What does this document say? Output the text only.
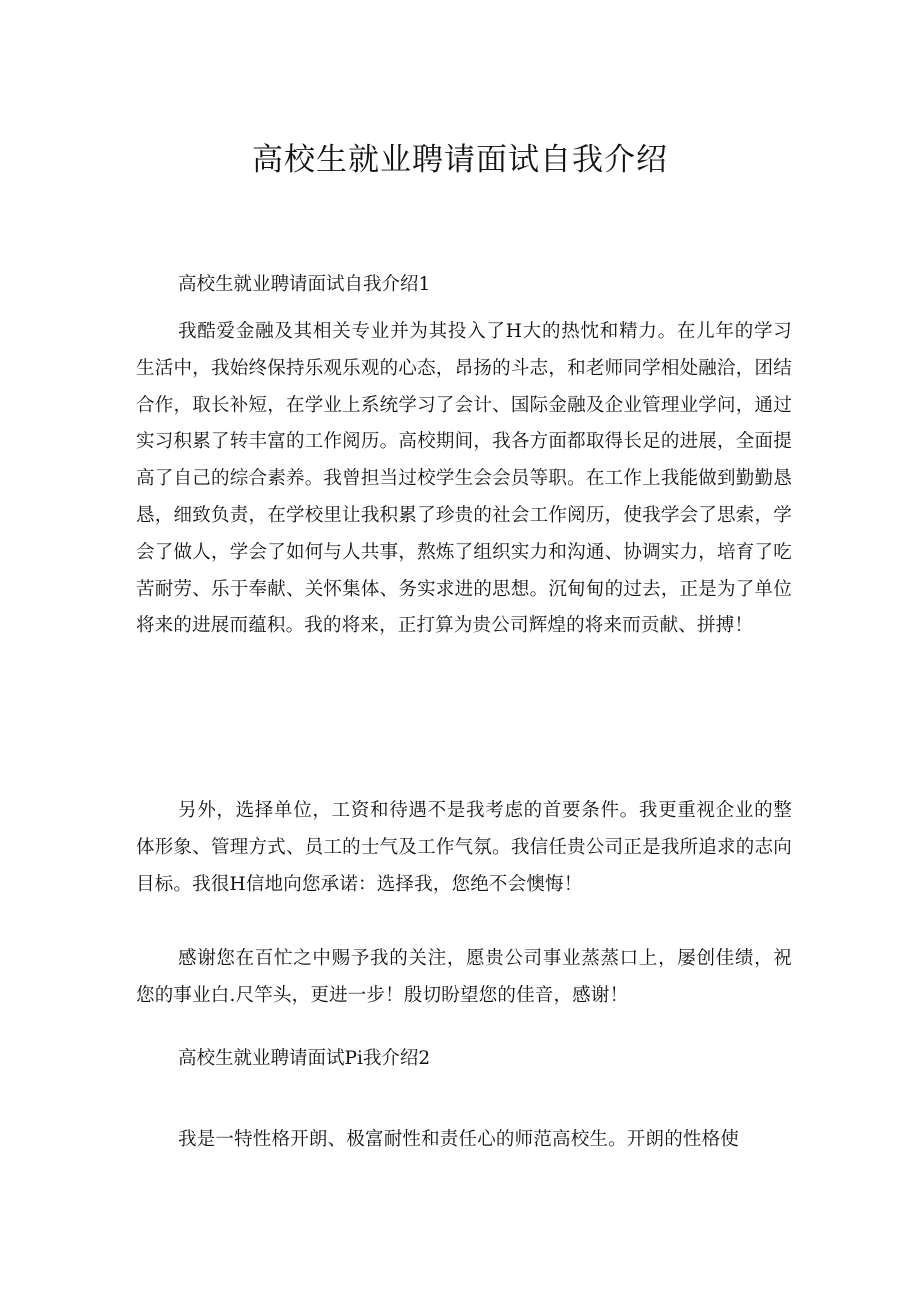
高校生就业聘请面试自我介绍

高校生就业聘请面试自我介绍1

我酷爱金融及其相关专业并为其投入了H大的热忱和精力。在儿年的学习生活中，我始终保持乐观乐观的心态，昂扬的斗志，和老师同学相处融洽，团结合作，取长补短，在学业上系统学习了会计、国际金融及企业管理业学问，通过实习积累了转丰富的工作阅历。高校期间，我各方面都取得长足的进展，全面提高了自己的综合素养。我曾担当过校学生会会员等职。在工作上我能做到勤勤恳恳，细致负责，在学校里让我积累了珍贵的社会工作阅历，使我学会了思索，学会了做人，学会了如何与人共事，熬炼了组织实力和沟通、协调实力，培育了吃苦耐劳、乐于奉献、关怀集体、务实求进的思想。沉甸甸的过去，正是为了单位将来的进展而蕴积。我的将来，正打算为贵公司辉煌的将来而贡献、拼搏！

另外，选择单位，工资和待遇不是我考虑的首要条件。我更重视企业的整体形象、管理方式、员工的士气及工作气氛。我信任贵公司正是我所追求的志向目标。我很H信地向您承诺：选择我，您绝不会懊悔！

感谢您在百忙之中赐予我的关注，愿贵公司事业蒸蒸口上，屡创佳绩，祝您的事业白.尺竿头，更进一步！殷切盼望您的佳音，感谢！

高校生就业聘请面试Pi我介绍2

我是一特性格开朗、极富耐性和责任心的师范高校生。开朗的性格使
